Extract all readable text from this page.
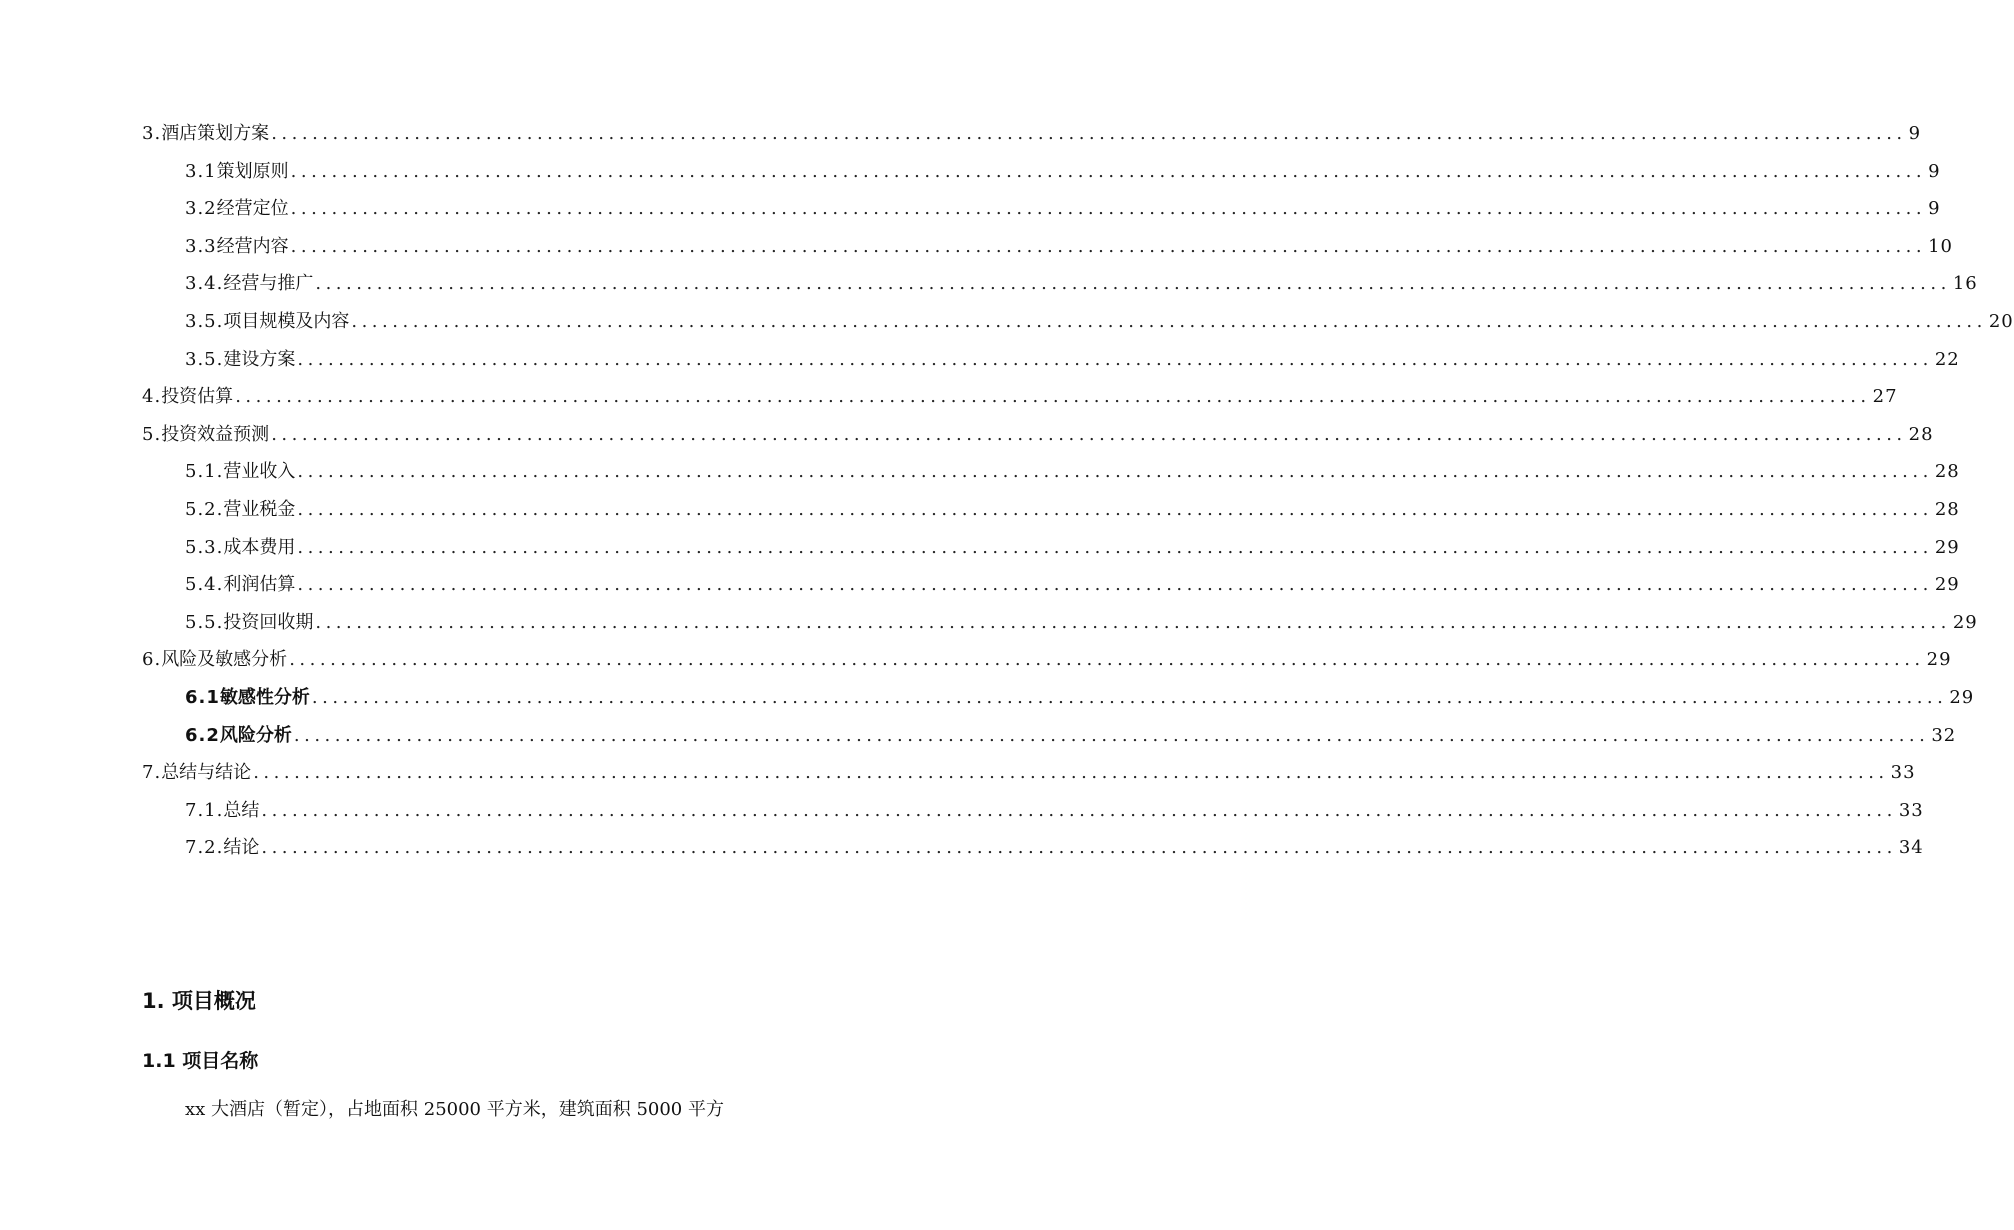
3. 酒店策划方案 ................................................................................................................................................................ 9
3.1 策划原则 ................................................................................................................................................................ 9
3.2 经营定位 ................................................................................................................................................................ 9
3.3 经营内容 ................................................................................................................................................................ 10
3.4. 经营与推广 ................................................................................................................................................................ 16
3.5. 项目规模及内容 ................................................................................................................................................................ 20
3.5. 建设方案 ................................................................................................................................................................ 22
4. 投资估算 ................................................................................................................................................................ 27
5. 投资效益预测 ................................................................................................................................................................ 28
5.1. 营业收入 ................................................................................................................................................................ 28
5.2. 营业税金 ................................................................................................................................................................ 28
5.3. 成本费用 ................................................................................................................................................................ 29
5.4. 利润估算 ................................................................................................................................................................ 29
5.5. 投资回收期 ................................................................................................................................................................ 29
6. 风险及敏感分析 ................................................................................................................................................................ 29
6.1 敏感性分析 ................................................................................................................................................................ 29
6.2 风险分析 ................................................................................................................................................................ 32
7. 总结与结论 ................................................................................................................................................................ 33
7.1. 总结 ................................................................................................................................................................ 33
7.2. 结论 ................................................................................................................................................................ 34
1. 项目概况
1.1 项目名称
xx 大酒店（暂定），占地面积 25000 平方米，建筑面积 5000 平方
